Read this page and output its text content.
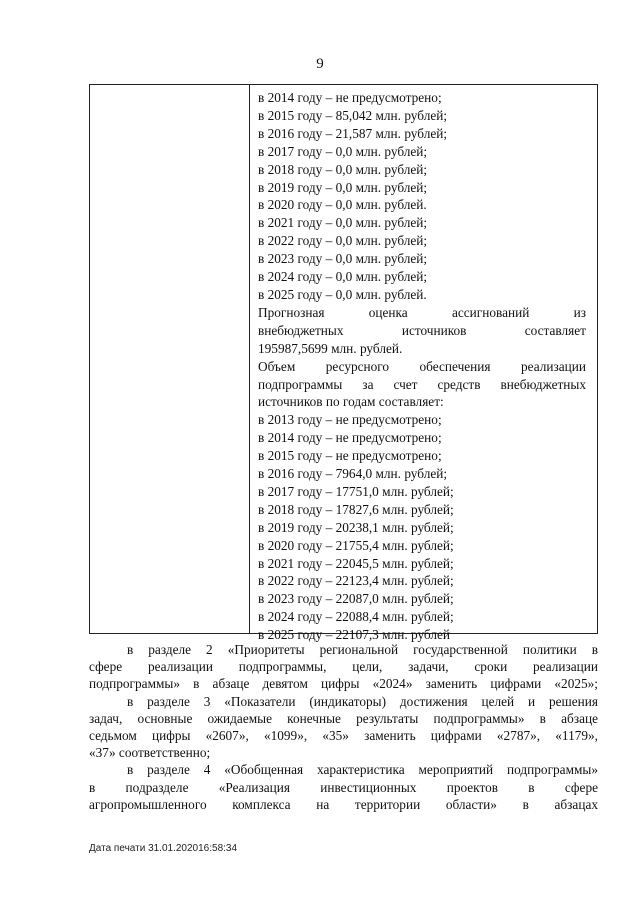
9
в 2014 году – не предусмотрено;
в 2015 году – 85,042 млн. рублей;
в 2016 году – 21,587 млн. рублей;
в 2017 году – 0,0 млн. рублей;
в 2018 году – 0,0 млн. рублей;
в 2019 году – 0,0 млн. рублей;
в 2020 году – 0,0 млн. рублей.
в 2021 году – 0,0 млн. рублей;
в 2022 году – 0,0 млн. рублей;
в 2023 году – 0,0 млн. рублей;
в 2024 году – 0,0 млн. рублей;
в 2025 году – 0,0 млн. рублей.
Прогнозная оценка ассигнований из
внебюджетных источников составляет
195987,5699 млн. рублей.
Объем ресурсного обеспечения реализации
подпрограммы за счет средств внебюджетных
источников по годам составляет:
в 2013 году – не предусмотрено;
в 2014 году – не предусмотрено;
в 2015 году – не предусмотрено;
в 2016 году – 7964,0 млн. рублей;
в 2017 году – 17751,0 млн. рублей;
в 2018 году – 17827,6 млн. рублей;
в 2019 году – 20238,1 млн. рублей;
в 2020 году – 21755,4 млн. рублей;
в 2021 году – 22045,5 млн. рублей;
в 2022 году – 22123,4 млн. рублей;
в 2023 году – 22087,0 млн. рублей;
в 2024 году – 22088,4 млн. рублей;
в 2025 году – 22107,3 млн. рублей

в разделе 2 «Приоритеты региональной государственной политики в
сфере реализации подпрограммы, цели, задачи, сроки реализации
подпрограммы» в абзаце девятом цифры «2024» заменить цифрами «2025»;

в разделе 3 «Показатели (индикаторы) достижения целей и решения
задач, основные ожидаемые конечные результаты подпрограммы» в абзаце
седьмом цифры «2607», «1099», «35» заменить цифрами «2787», «1179»,
«37» соответственно;

в разделе 4 «Обобщенная характеристика мероприятий подпрограммы»
в подразделе «Реализация инвестиционных проектов в сфере
агропромышленного комплекса на территории области» в абзацах

Дата печати 31.01.202016:58:34
